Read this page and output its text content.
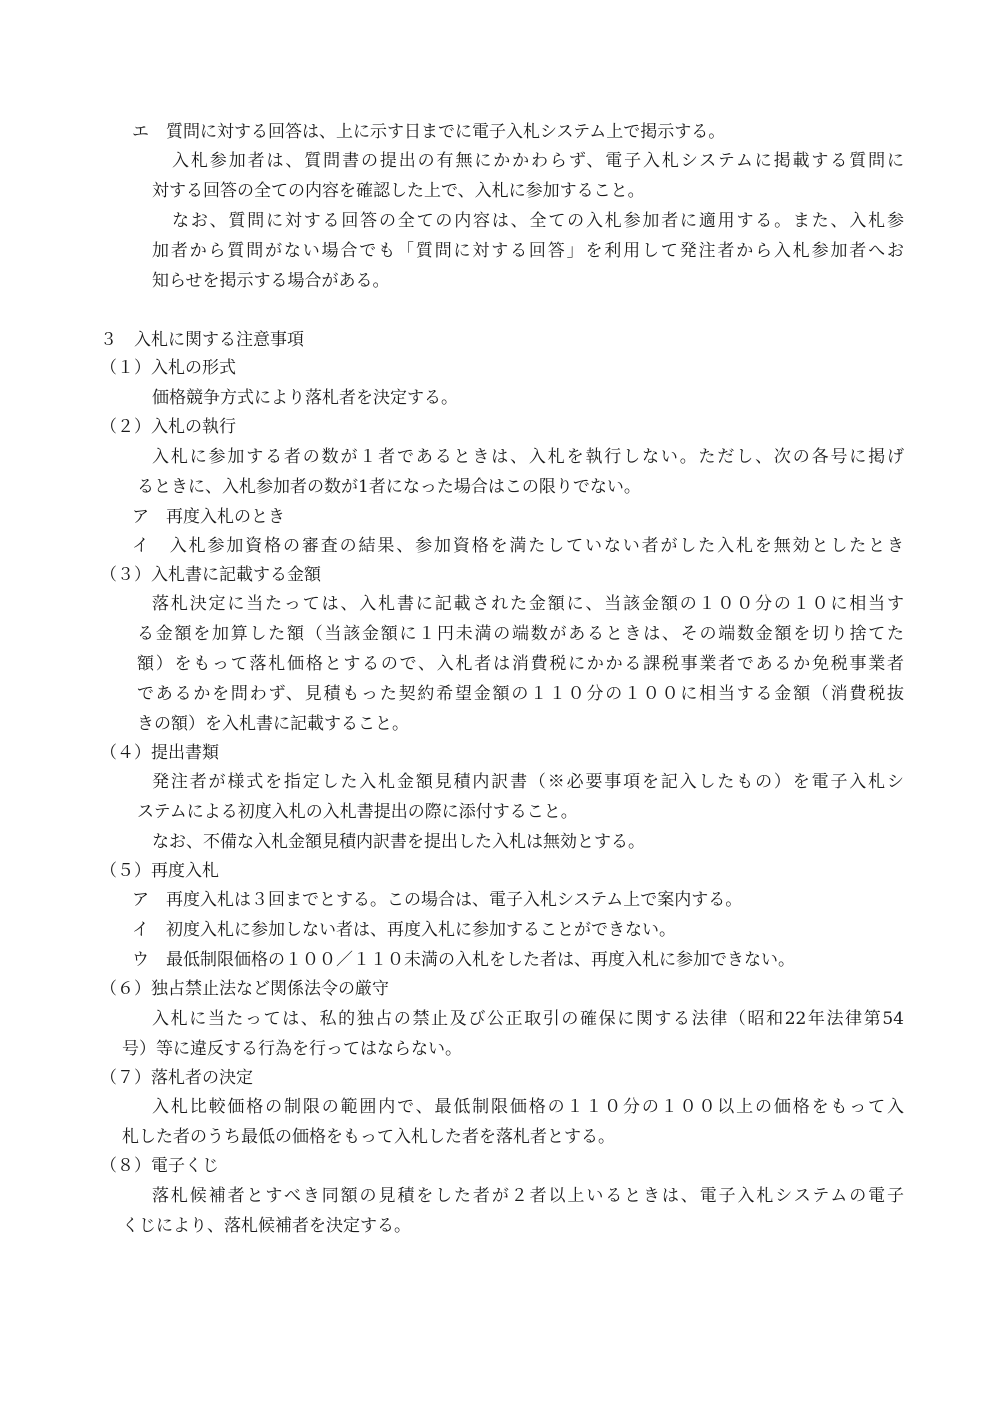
エ　質問に対する回答は、上に示す日までに電子入札システム上で掲示する。

入札参加者は、質問書の提出の有無にかかわらず、電子入札システムに掲載する質問に

対する回答の全ての内容を確認した上で、入札に参加すること。

なお、質問に対する回答の全ての内容は、全ての入札参加者に適用する。また、入札参

加者から質問がない場合でも「質問に対する回答」を利用して発注者から入札参加者へお

知らせを掲示する場合がある。

３　入札に関する注意事項

（１）入札の形式

価格競争方式により落札者を決定する。

（２）入札の執行

入札に参加する者の数が１者であるときは、入札を執行しない。ただし、次の各号に掲げ

るときに、入札参加者の数が1者になった場合はこの限りでない。

ア　再度入札のとき

イ　入札参加資格の審査の結果、参加資格を満たしていない者がした入札を無効としたとき

（３）入札書に記載する金額

落札決定に当たっては、入札書に記載された金額に、当該金額の１００分の１０に相当す

る金額を加算した額（当該金額に１円未満の端数があるときは、その端数金額を切り捨てた

額）をもって落札価格とするので、入札者は消費税にかかる課税事業者であるか免税事業者

であるかを問わず、見積もった契約希望金額の１１０分の１００に相当する金額（消費税抜

きの額）を入札書に記載すること。

（４）提出書類

発注者が様式を指定した入札金額見積内訳書（※必要事項を記入したもの）を電子入札シ

ステムによる初度入札の入札書提出の際に添付すること。

なお、不備な入札金額見積内訳書を提出した入札は無効とする。

（５）再度入札

ア　再度入札は３回までとする。この場合は、電子入札システム上で案内する。

イ　初度入札に参加しない者は、再度入札に参加することができない。

ウ　最低制限価格の１００／１１０未満の入札をした者は、再度入札に参加できない。

（６）独占禁止法など関係法令の厳守

入札に当たっては、私的独占の禁止及び公正取引の確保に関する法律（昭和22年法律第54

号）等に違反する行為を行ってはならない。

（７）落札者の決定

入札比較価格の制限の範囲内で、最低制限価格の１１０分の１００以上の価格をもって入

札した者のうち最低の価格をもって入札した者を落札者とする。

（８）電子くじ

落札候補者とすべき同額の見積をした者が２者以上いるときは、電子入札システムの電子

くじにより、落札候補者を決定する。
